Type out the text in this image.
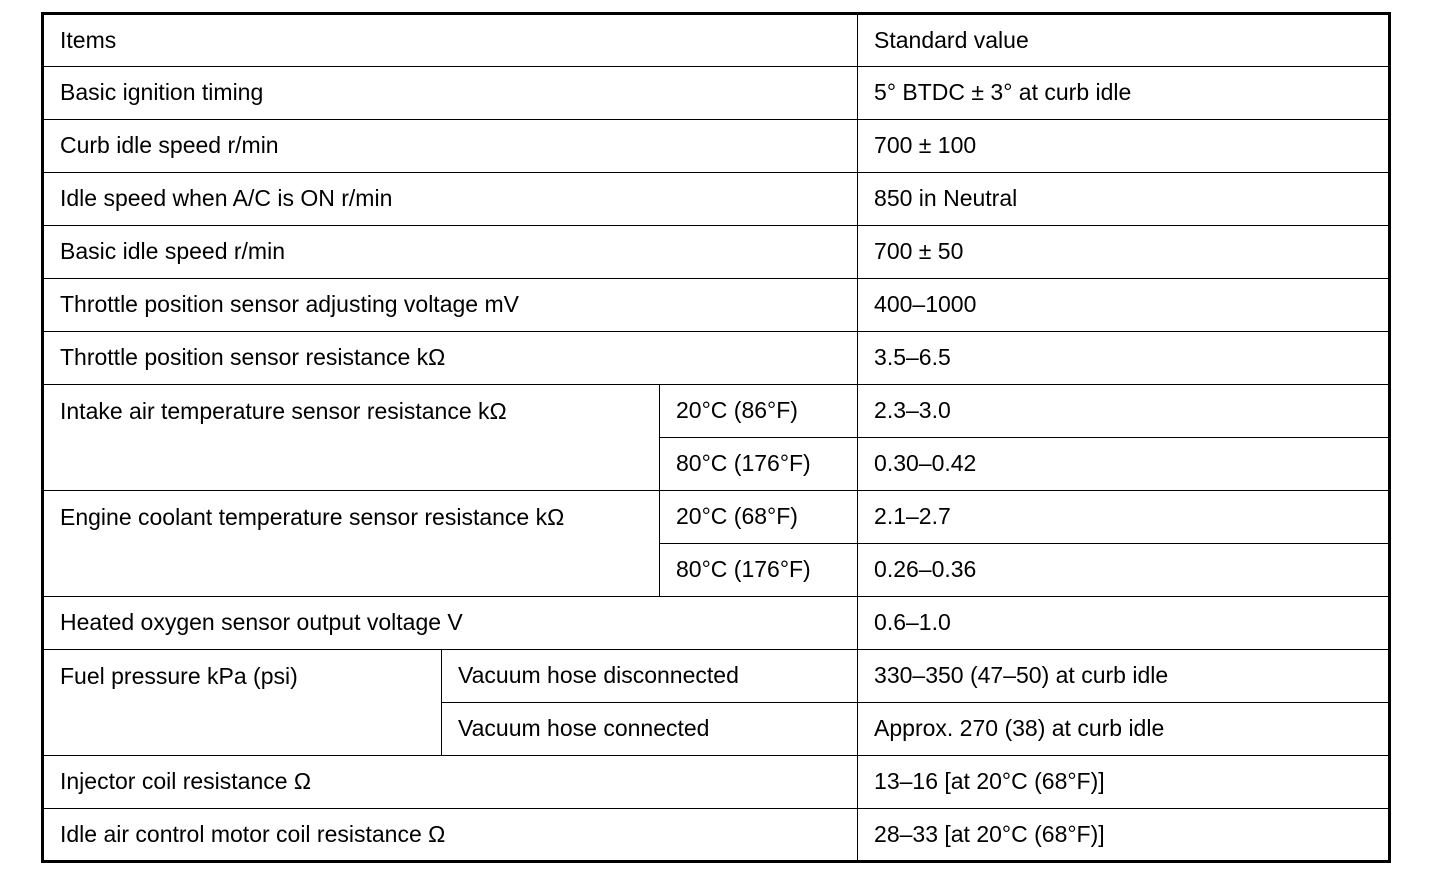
Items			Standard value
Basic ignition timing			5° BTDC ± 3° at curb idle
Curb idle speed r/min			700 ± 100
Idle speed when A/C is ON r/min			850 in Neutral
Basic idle speed r/min			700 ± 50
Throttle position sensor adjusting voltage mV			400–1000
Throttle position sensor resistance kΩ			3.5–6.5
Intake air temperature sensor resistance kΩ		20°C (86°F)	2.3–3.0
		80°C (176°F)	0.30–0.42
Engine coolant temperature sensor resistance kΩ		20°C (68°F)	2.1–2.7
		80°C (176°F)	0.26–0.36
Heated oxygen sensor output voltage V			0.6–1.0
Fuel pressure kPa (psi)	Vacuum hose disconnected		330–350 (47–50) at curb idle
	Vacuum hose connected		Approx. 270 (38) at curb idle
Injector coil resistance Ω			13–16 [at 20°C (68°F)]
Idle air control motor coil resistance Ω			28–33 [at 20°C (68°F)]
